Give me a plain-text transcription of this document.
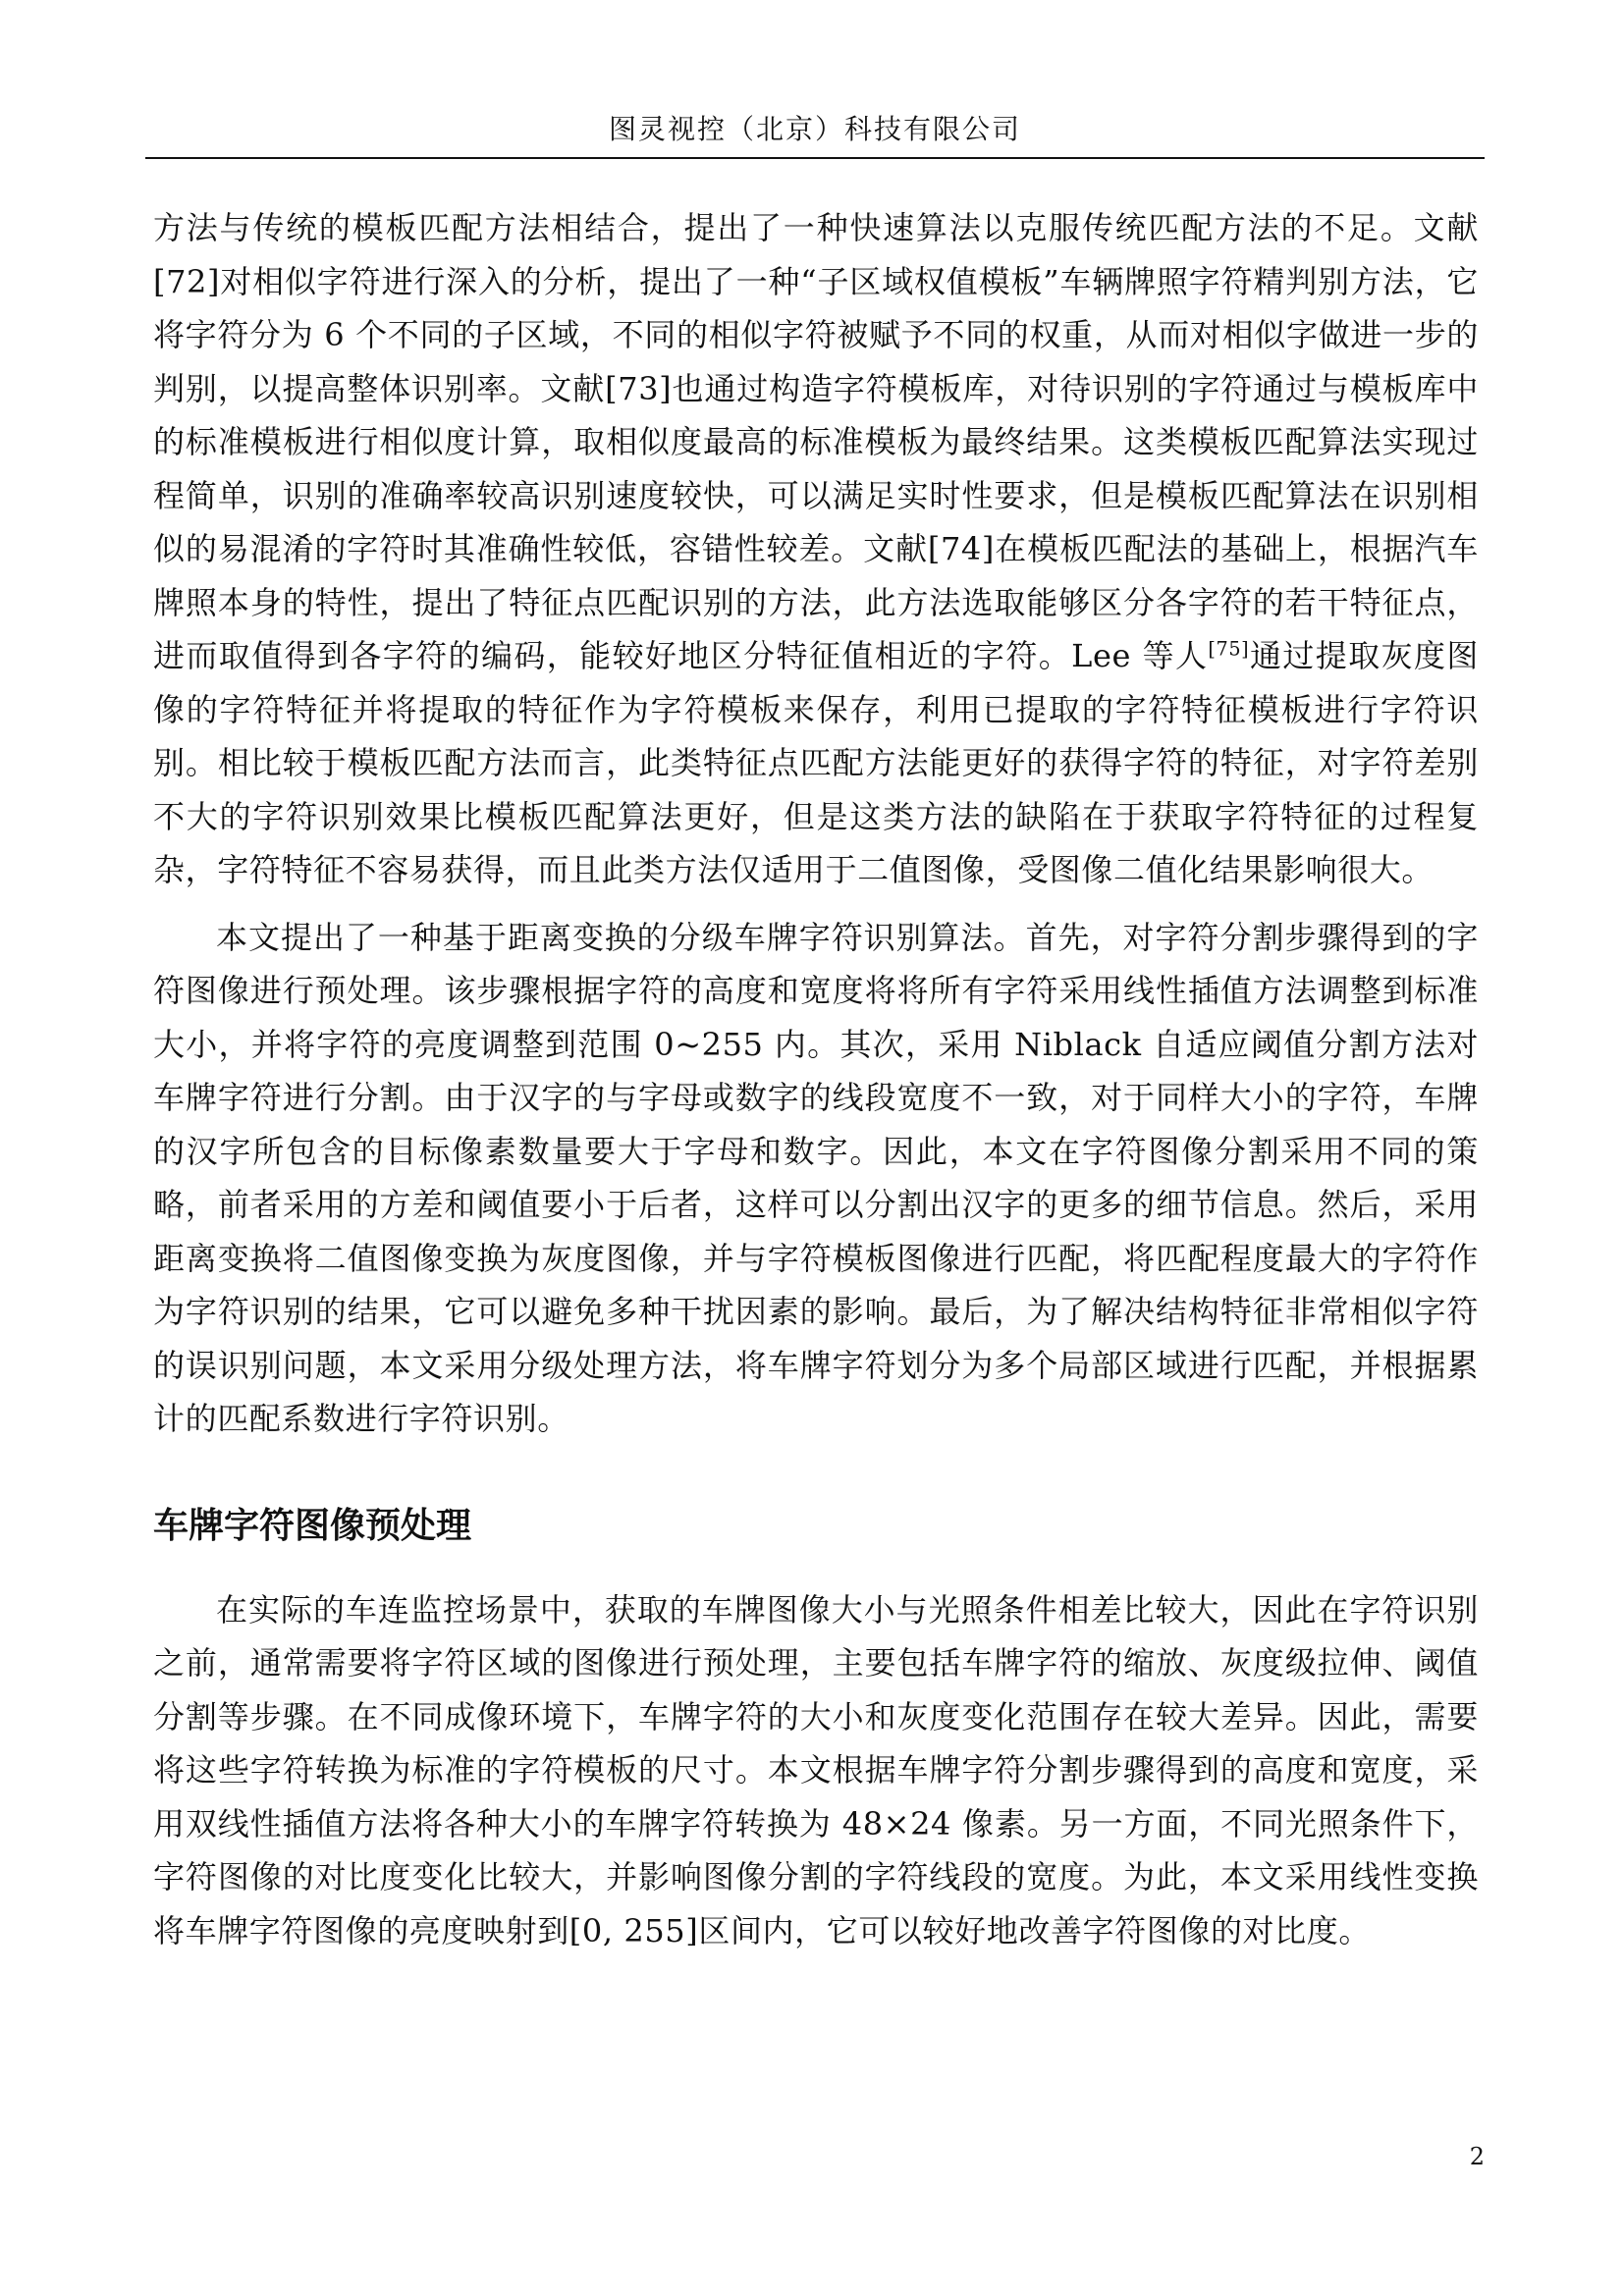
图灵视控（北京）科技有限公司

方法与传统的模板匹配方法相结合，提出了一种快速算法以克服传统匹配方法的不足。文献[72]对相似字符进行深入的分析，提出了一种“子区域权值模板”车辆牌照字符精判别方法，它将字符分为 6 个不同的子区域，不同的相似字符被赋予不同的权重，从而对相似字做进一步的判别，以提高整体识别率。文献[73]也通过构造字符模板库，对待识别的字符通过与模板库中的标准模板进行相似度计算，取相似度最高的标准模板为最终结果。这类模板匹配算法实现过程简单，识别的准确率较高识别速度较快，可以满足实时性要求，但是模板匹配算法在识别相似的易混淆的字符时其准确性较低，容错性较差。文献[74]在模板匹配法的基础上，根据汽车牌照本身的特性，提出了特征点匹配识别的方法，此方法选取能够区分各字符的若干特征点，进而取值得到各字符的编码，能较好地区分特征值相近的字符。Lee 等人[75]通过提取灰度图像的字符特征并将提取的特征作为字符模板来保存，利用已提取的字符特征模板进行字符识别。相比较于模板匹配方法而言，此类特征点匹配方法能更好的获得字符的特征，对字符差别不大的字符识别效果比模板匹配算法更好，但是这类方法的缺陷在于获取字符特征的过程复杂，字符特征不容易获得，而且此类方法仅适用于二值图像，受图像二值化结果影响很大。

本文提出了一种基于距离变换的分级车牌字符识别算法。首先，对字符分割步骤得到的字符图像进行预处理。该步骤根据字符的高度和宽度将将所有字符采用线性插值方法调整到标准大小，并将字符的亮度调整到范围 0~255 内。其次，采用 Niblack 自适应阈值分割方法对车牌字符进行分割。由于汉字的与字母或数字的线段宽度不一致，对于同样大小的字符，车牌的汉字所包含的目标像素数量要大于字母和数字。因此，本文在字符图像分割采用不同的策略，前者采用的方差和阈值要小于后者，这样可以分割出汉字的更多的细节信息。然后，采用距离变换将二值图像变换为灰度图像，并与字符模板图像进行匹配，将匹配程度最大的字符作为字符识别的结果，它可以避免多种干扰因素的影响。最后，为了解决结构特征非常相似字符的误识别问题，本文采用分级处理方法，将车牌字符划分为多个局部区域进行匹配，并根据累计的匹配系数进行字符识别。

车牌字符图像预处理

在实际的车连监控场景中，获取的车牌图像大小与光照条件相差比较大，因此在字符识别之前，通常需要将字符区域的图像进行预处理，主要包括车牌字符的缩放、灰度级拉伸、阈值分割等步骤。在不同成像环境下，车牌字符的大小和灰度变化范围存在较大差异。因此，需要将这些字符转换为标准的字符模板的尺寸。本文根据车牌字符分割步骤得到的高度和宽度，采用双线性插值方法将各种大小的车牌字符转换为 48×24 像素。另一方面，不同光照条件下，字符图像的对比度变化比较大，并影响图像分割的字符线段的宽度。为此，本文采用线性变换将车牌字符图像的亮度映射到[0, 255]区间内，它可以较好地改善字符图像的对比度。

2
